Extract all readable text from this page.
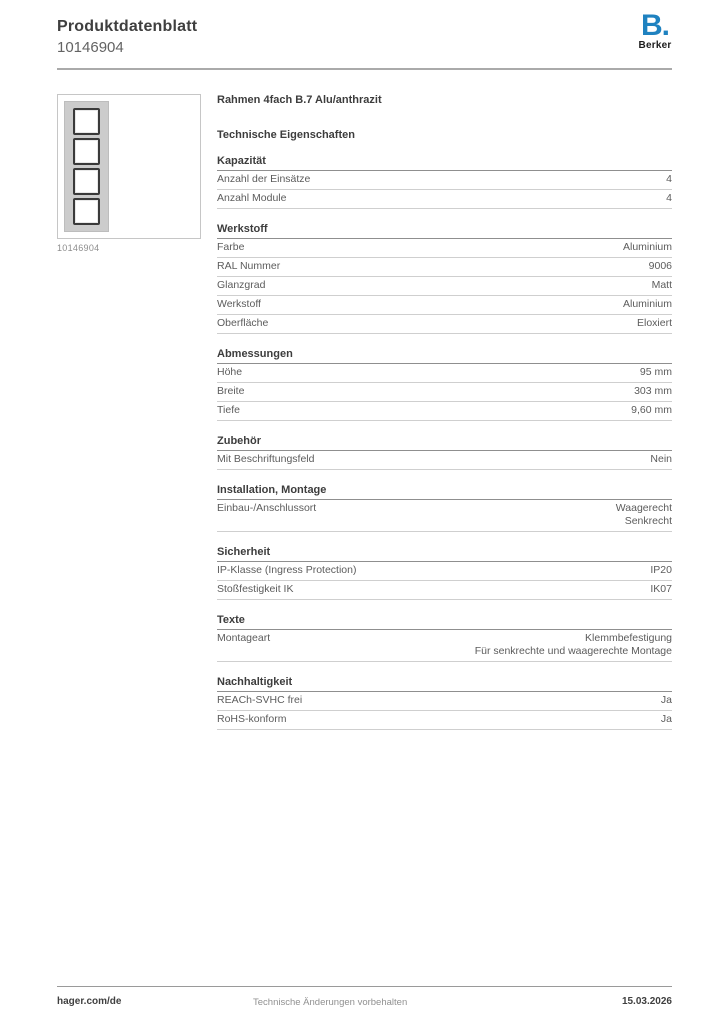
Produktdatenblatt
10146904
B.
Berker
10146904
Rahmen 4fach B.7 Alu/anthrazit
Technische Eigenschaften
Kapazität
Anzahl der Einsätze	4
Anzahl Module	4
Werkstoff
Farbe	Aluminium
RAL Nummer	9006
Glanzgrad	Matt
Werkstoff	Aluminium
Oberfläche	Eloxiert
Abmessungen
Höhe	95 mm
Breite	303 mm
Tiefe	9,60 mm
Zubehör
Mit Beschriftungsfeld	Nein
Installation, Montage
Einbau-/Anschlussort	Waagerecht
Senkrecht
Sicherheit
IP-Klasse (Ingress Protection)	IP20
Stoßfestigkeit IK	IK07
Texte
Montageart	Klemmbefestigung
Für senkrechte und waagerechte Montage
Nachhaltigkeit
REACh-SVHC frei	Ja
RoHS-konform	Ja
hager.com/de	Technische Änderungen vorbehalten	15.03.2026
